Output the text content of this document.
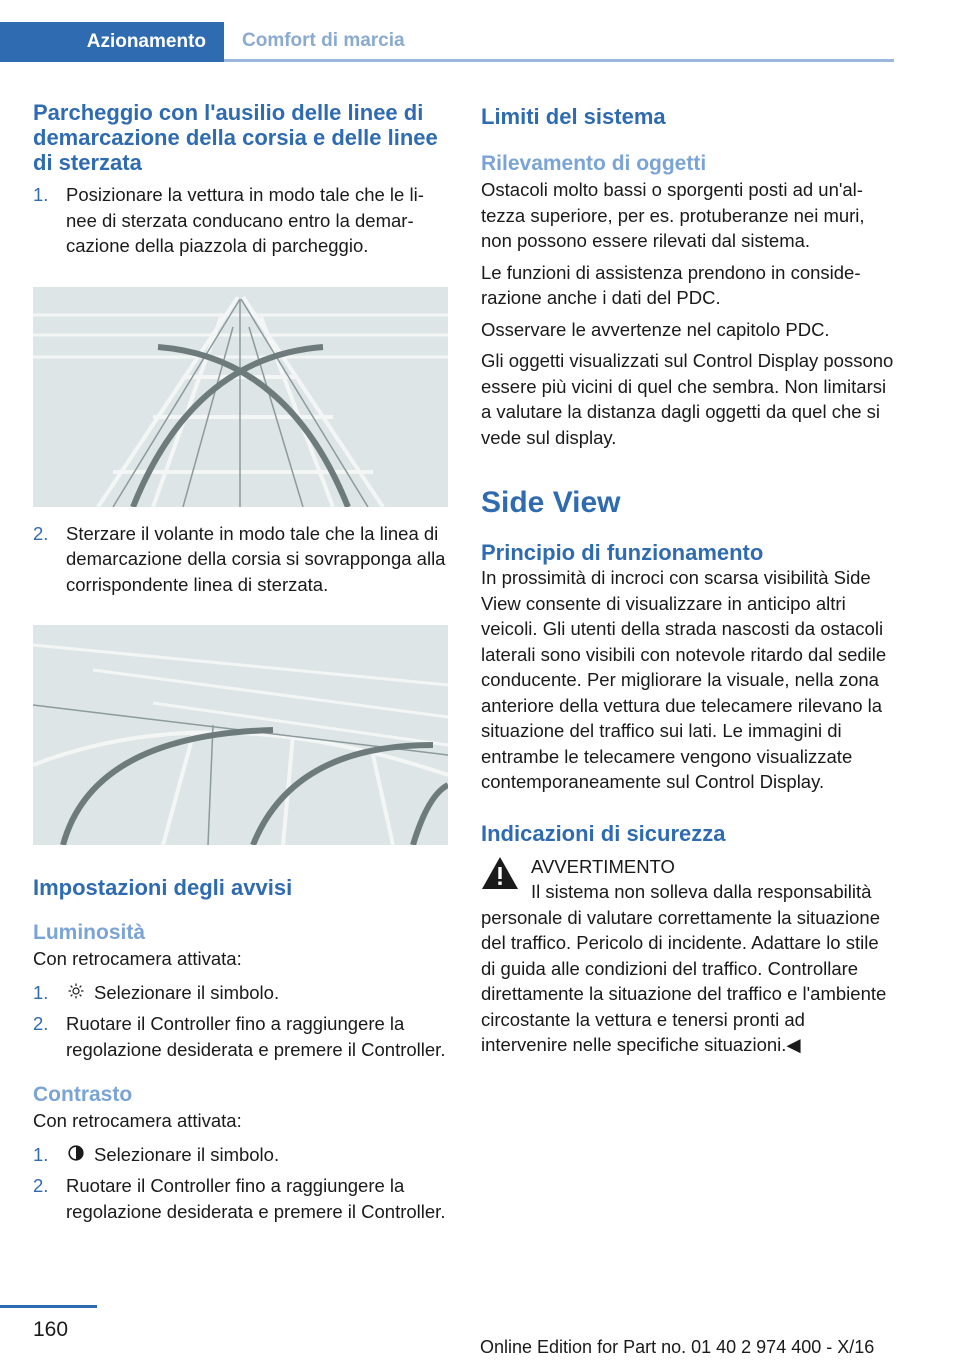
Azionamento	Comfort di marcia
Parcheggio con l'ausilio delle linee di demarcazione della corsia e delle linee di sterzata
1. Posizionare la vettura in modo tale che le linee di sterzata conducano entro la demarcazione della piazzola di parcheggio.
2. Sterzare il volante in modo tale che la linea di demarcazione della corsia si sovrapponga alla corrispondente linea di sterzata.
Impostazioni degli avvisi
Luminosità

Con retrocamera attivata:

1. Selezionare il simbolo.
2. Ruotare il Controller fino a raggiungere la regolazione desiderata e premere il Controller.
Contrasto

Con retrocamera attivata:

1. Selezionare il simbolo.
2. Ruotare il Controller fino a raggiungere la regolazione desiderata e premere il Controller.
Limiti del sistema
Rilevamento di oggetti

Ostacoli molto bassi o sporgenti posti ad un'altezza superiore, per es. protuberanze nei muri, non possono essere rilevati dal sistema.

Le funzioni di assistenza prendono in considerazione anche i dati del PDC.

Osservare le avvertenze nel capitolo PDC.

Gli oggetti visualizzati sul Control Display possono essere più vicini di quel che sembra. Non limitarsi a valutare la distanza dagli oggetti da quel che si vede sul display.

Side View
Principio di funzionamento

In prossimità di incroci con scarsa visibilità Side View consente di visualizzare in anticipo altri veicoli. Gli utenti della strada nascosti da ostacoli laterali sono visibili con notevole ritardo dal sedile conducente. Per migliorare la visuale, nella zona anteriore della vettura due telecamere rilevano la situazione del traffico sui lati. Le immagini di entrambe le telecamere vengono visualizzate contemporaneamente sul Control Display.

Indicazioni di sicurezza

AVVERTIMENTO

Il sistema non solleva dalla responsabilità personale di valutare correttamente la situazione del traffico. Pericolo di incidente. Adattare lo stile di guida alle condizioni del traffico. Controllare direttamente la situazione del traffico e l'ambiente circostante la vettura e tenersi pronti ad intervenire nelle specifiche situazioni.◀

160
Online Edition for Part no. 01 40 2 974 400 - X/16
